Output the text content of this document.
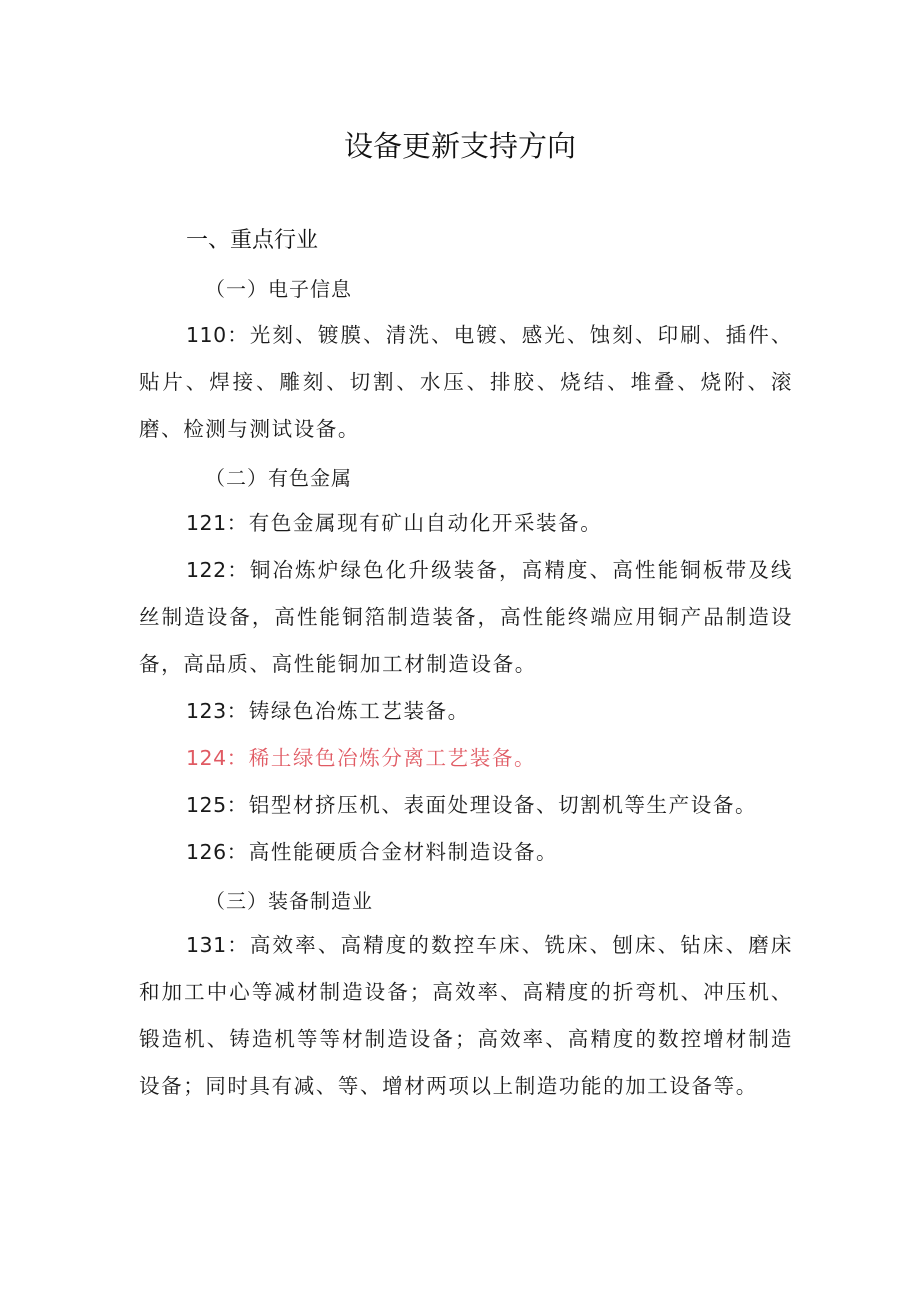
设备更新支持方向
一、重点行业
（一）电子信息
110：光刻、镀膜、清洗、电镀、感光、蚀刻、印刷、插件、贴片、焊接、雕刻、切割、水压、排胶、烧结、堆叠、烧附、滚磨、检测与测试设备。
（二）有色金属
121：有色金属现有矿山自动化开采装备。
122：铜冶炼炉绿色化升级装备，高精度、高性能铜板带及线丝制造设备，高性能铜箔制造装备，高性能终端应用铜产品制造设备，高品质、高性能铜加工材制造设备。
123：铸绿色冶炼工艺装备。
124：稀土绿色冶炼分离工艺装备。
125：铝型材挤压机、表面处理设备、切割机等生产设备。
126：高性能硬质合金材料制造设备。
（三）装备制造业
131：高效率、高精度的数控车床、铣床、刨床、钻床、磨床和加工中心等减材制造设备；高效率、高精度的折弯机、冲压机、锻造机、铸造机等等材制造设备；高效率、高精度的数控增材制造设备；同时具有减、等、增材两项以上制造功能的加工设备等。
